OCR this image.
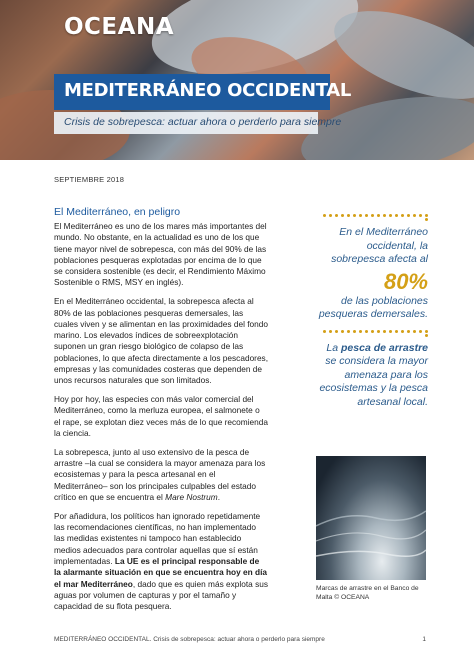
OCEANA
MEDITERRÁNEO OCCIDENTAL
Crisis de sobrepesca: actuar ahora o perderlo para siempre
SEPTIEMBRE 2018
El Mediterráneo, en peligro

El Mediterráneo es uno de los mares más importantes del mundo. No obstante, en la actualidad es uno de los que tiene mayor nivel de sobrepesca, con más del 90% de las poblaciones pesqueras explotadas por encima de lo que se considera sostenible (es decir, el Rendimiento Máximo Sostenible o RMS, MSY en inglés).

En el Mediterráneo occidental, la sobrepesca afecta al 80% de las poblaciones pesqueras demersales, las cuales viven y se alimentan en las proximidades del fondo marino. Los elevados índices de sobreexplotación suponen un gran riesgo biológico de colapso de las poblaciones, lo que afecta directamente a los pescadores, empresas y las comunidades costeras que dependen de unos recursos naturales que son limitados.

Hoy por hoy, las especies con más valor comercial del Mediterráneo, como la merluza europea, el salmonete o el rape, se explotan diez veces más de lo que recomienda la ciencia.

La sobrepesca, junto al uso extensivo de la pesca de arrastre –la cual se considera la mayor amenaza para los ecosistemas y para la pesca artesanal en el Mediterráneo– son los principales culpables del estado crítico en que se encuentra el Mare Nostrum.

Por añadidura, los políticos han ignorado repetidamente las recomendaciones científicas, no han implementado las medidas existentes ni tampoco han establecido medios adecuados para controlar aquellas que sí están implementadas. La UE es el principal responsable de la alarmante situación en que se encuentra hoy en día el mar Mediterráneo, dado que es quien más explota sus aguas por volumen de capturas y por el tamaño y capacidad de su flota pesquera.

En el Mediterráneo occidental, la sobrepesca afecta al
80%
de las poblaciones pesqueras demersales.
La pesca de arrastre se considera la mayor amenaza para los ecosistemas y la pesca artesanal local.
Marcas de arrastre en el Banco de Malta © OCEANA
MEDITERRÁNEO OCCIDENTAL. Crisis de sobrepesca: actuar ahora o perderlo para siempre	1
